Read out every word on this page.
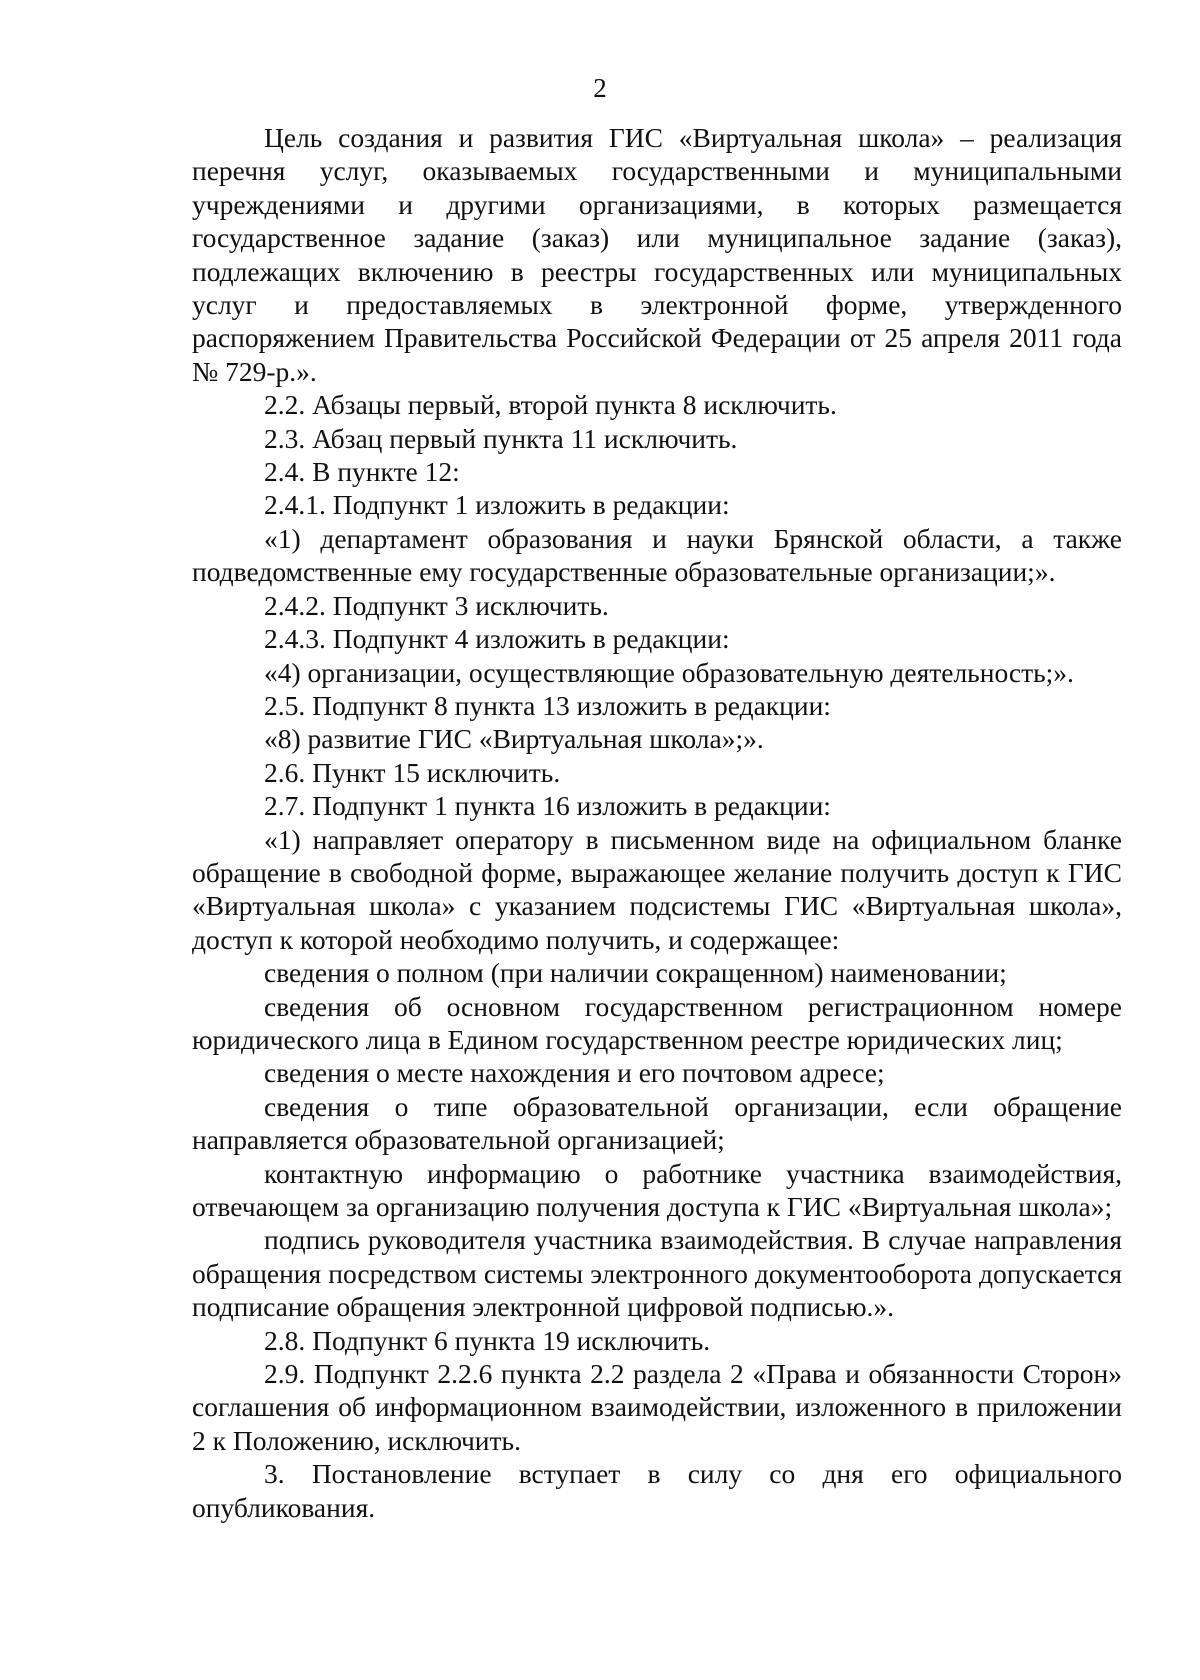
2

Цель создания и развития ГИС «Виртуальная школа» – реализация перечня услуг, оказываемых государственными и муниципальными учреждениями и другими организациями, в которых размещается государственное задание (заказ) или муниципальное задание (заказ), подлежащих включению в реестры государственных или муниципальных услуг и предоставляемых в электронной форме, утвержденного распоряжением Правительства Российской Федерации от 25 апреля 2011 года № 729-р.».

2.2. Абзацы первый, второй пункта 8 исключить.

2.3. Абзац первый пункта 11 исключить.

2.4. В пункте 12:

2.4.1. Подпункт 1 изложить в редакции:

«1) департамент образования и науки Брянской области, а также подведомственные ему государственные образовательные организации;».

2.4.2. Подпункт 3 исключить.

2.4.3. Подпункт 4 изложить в редакции:

«4) организации, осуществляющие образовательную деятельность;».

2.5. Подпункт 8 пункта 13 изложить в редакции:

«8) развитие ГИС «Виртуальная школа»;».

2.6. Пункт 15 исключить.

2.7. Подпункт 1 пункта 16 изложить в редакции:

«1) направляет оператору в письменном виде на официальном бланке обращение в свободной форме, выражающее желание получить доступ к ГИС «Виртуальная школа» с указанием подсистемы ГИС «Виртуальная школа», доступ к которой необходимо получить, и содержащее:

сведения о полном (при наличии сокращенном) наименовании;

сведения об основном государственном регистрационном номере юридического лица в Едином государственном реестре юридических лиц;

сведения о месте нахождения и его почтовом адресе;

сведения о типе образовательной организации, если обращение направляется образовательной организацией;

контактную информацию о работнике участника взаимодействия, отвечающем за организацию получения доступа к ГИС «Виртуальная школа»;

подпись руководителя участника взаимодействия. В случае направления обращения посредством системы электронного документооборота допускается подписание обращения электронной цифровой подписью.».

2.8. Подпункт 6 пункта 19 исключить.

2.9. Подпункт 2.2.6 пункта 2.2 раздела 2 «Права и обязанности Сторон» соглашения об информационном взаимодействии, изложенного в приложении 2 к Положению, исключить.

3. Постановление вступает в силу со дня его официального опубликования.
